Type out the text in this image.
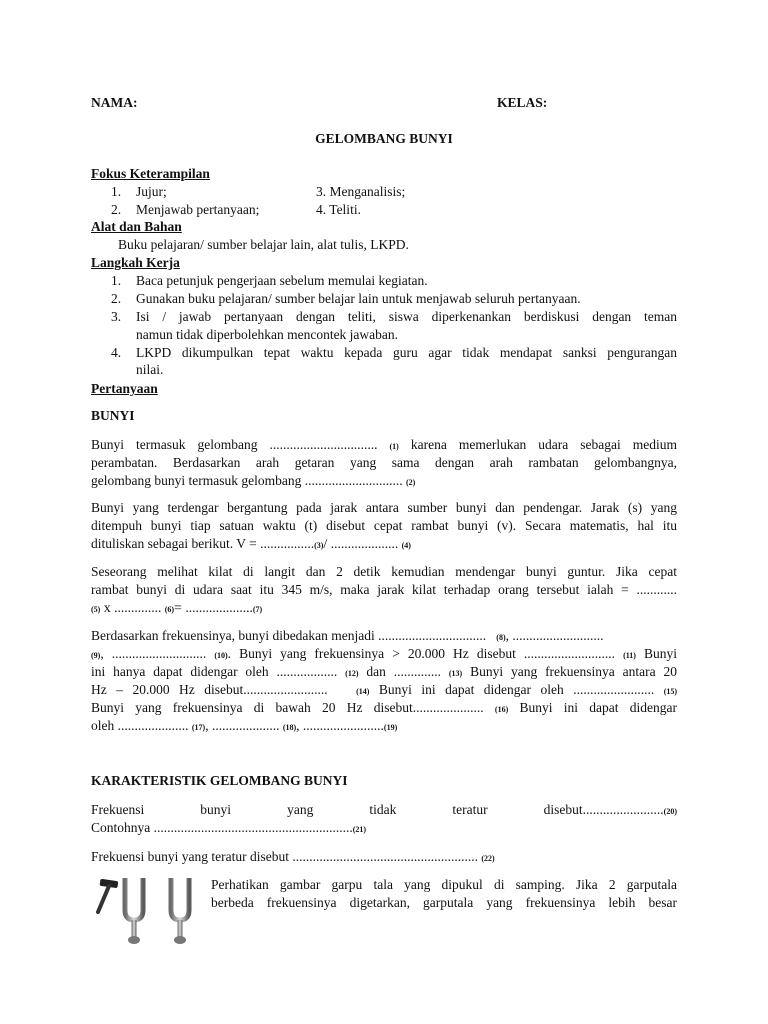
NAMA:	KELAS:
GELOMBANG BUNYI
Fokus Keterampilan
1. Jujur;
2. Menjawab pertanyaan;
3. Menganalisis;
4. Teliti.
Alat dan Bahan
Buku pelajaran/ sumber belajar lain, alat tulis, LKPD.
Langkah Kerja
1. Baca petunjuk pengerjaan sebelum memulai kegiatan.
2. Gunakan buku pelajaran/ sumber belajar lain untuk menjawab seluruh pertanyaan.
3. Isi / jawab pertanyaan dengan teliti, siswa diperkenankan berdiskusi dengan teman
namun tidak diperbolehkan mencontek jawaban.
4. LKPD dikumpulkan tepat waktu kepada guru agar tidak mendapat sanksi pengurangan
nilai.
Pertanyaan
BUNYI
Bunyi termasuk gelombang ................................ (1) karena memerlukan udara sebagai medium
perambatan. Berdasarkan arah getaran yang sama dengan arah rambatan gelombangnya,
gelombang bunyi termasuk gelombang ............................. (2)
Bunyi yang terdengar bergantung pada jarak antara sumber bunyi dan pendengar. Jarak (s) yang
ditempuh bunyi tiap satuan waktu (t) disebut cepat rambat bunyi (v). Secara matematis, hal itu
dituliskan sebagai berikut. V = ................(3)/ .................... (4)
Seseorang melihat kilat di langit dan 2 detik kemudian mendengar bunyi guntur. Jika cepat
rambat bunyi di udara saat itu 345 m/s, maka jarak kilat terhadap orang tersebut ialah = ............
(5) x .............. (6)= ....................(7)
Berdasarkan frekuensinya, bunyi dibedakan menjadi ................................ (8), ...........................
(9), ............................ (10). Bunyi yang frekuensinya > 20.000 Hz disebut ........................... (11) Bunyi
ini hanya dapat didengar oleh .................. (12) dan .............. (13) Bunyi yang frekuensinya antara 20
Hz – 20.000 Hz disebut.........................	(14) Bunyi ini dapat didengar oleh ........................ (15)
Bunyi yang frekuensinya di bawah 20 Hz disebut..................... (16) Bunyi ini dapat didengar
oleh ..................... (17), .................... (18), ........................(19)
KARAKTERISTIK GELOMBANG BUNYI
Frekuensi	bunyi	yang	tidak	teratur	disebut........................(20)
Contohnya ...........................................................(21)
Frekuensi bunyi yang teratur disebut ....................................................... (22)
Perhatikan gambar garpu tala yang dipukul di samping. Jika 2 garputala
berbeda frekuensinya digetarkan, garputala yang frekuensinya lebih besar
